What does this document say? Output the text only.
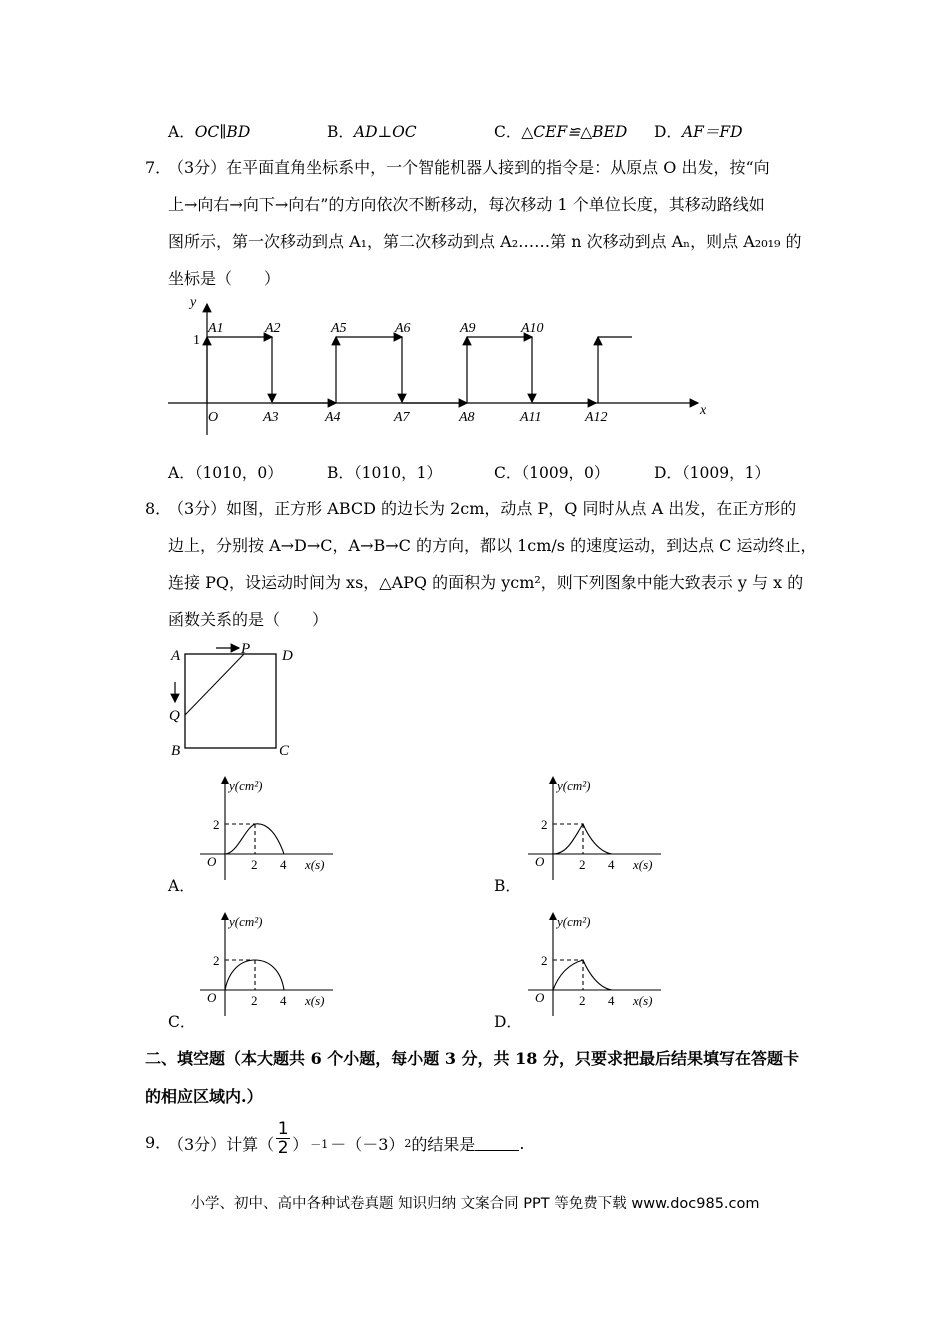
A．OC∥BD	B．AD⊥OC	C．△CEF≌△BED D．AF＝FD
7．
（3分）在平面直角坐标系中，一个智能机器人接到的指令是：从原点 O 出发，按“向
上→向右→向下→向右”的方向依次不断移动，每次移动 1 个单位长度，其移动路线如
图所示，第一次移动到点 A₁，第二次移动到点 A₂……第 n 次移动到点 Aₙ，则点 A₂₀₁₉ 的
坐标是（　　）
y
x
O
1
A1	A2
A3	A4
A5	A6
A7	A8
A9	A10
A11	A12
A．（1010，0）	B．（1010，1）	C．（1009，0）	D．（1009，1）
8．
（3分）如图，正方形 ABCD 的边长为 2cm，动点 P，Q 同时从点 A 出发，在正方形的
边上，分别按 A→D→C，A→B→C 的方向，都以 1cm/s 的速度运动，到达点 C 运动终止，
连接 PQ，设运动时间为 xs，△APQ 的面积为 ycm²，则下列图象中能大致表示 y 与 x 的
函数关系的是（　　）
A	P D
Q
B	C
y(cm²)
x(s)
O
2
2 4
A．
y(cm²)
x(s)
O
2
2 4
B．
y(cm²)
x(s)
O
2
2 4
C．
y(cm²)
x(s)
O
2
2 4
D．
二、填空题（本大题共 6 个小题，每小题 3 分，共 18 分，只要求把最后结果填写在答题卡
的相应区域内.）
9．
（3分）计算（
1
2 ） －1 －（－3） 2 的结果是	.
小学、初中、高中各种试卷真题 知识归纳 文案合同 PPT 等免费下载 www.doc985.com
